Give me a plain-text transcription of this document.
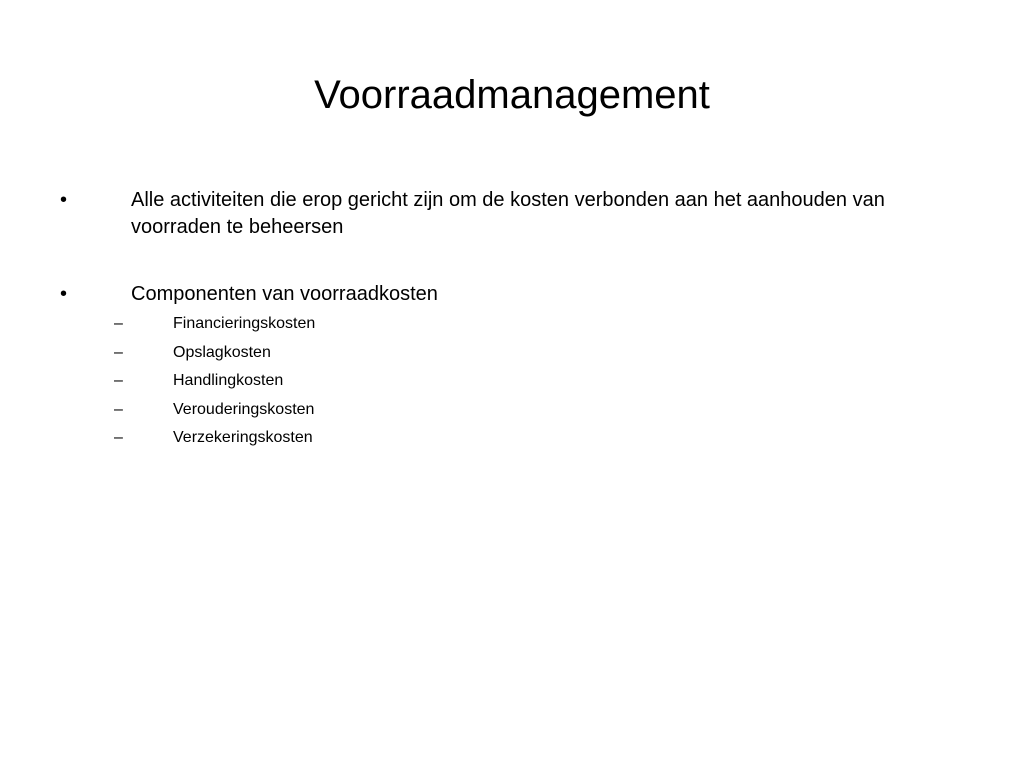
Voorraadmanagement
•	Alle activiteiten die erop gericht zijn om de kosten verbonden aan het aanhouden van voorraden te beheersen
•	Componenten van voorraadkosten
–	Financieringskosten
–	Opslagkosten
–	Handlingkosten
–	Verouderingskosten
–	Verzekeringskosten
